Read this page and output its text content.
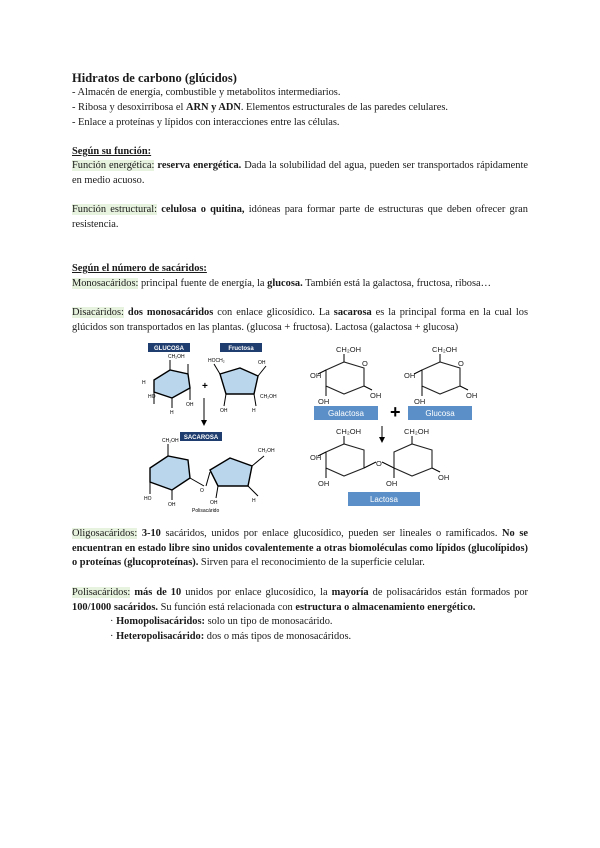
Hidratos de carbono (glúcidos)

- Almacén de energía, combustible y metabolitos intermediarios.

- Ribosa y desoxirribosa el ARN y ADN. Elementos estructurales de las paredes celulares.

- Enlace a proteínas y lípidos con interacciones entre las células.

Según su función:

Función energética: reserva energética. Dada la solubilidad del agua, pueden ser transportados rápidamente en medio acuoso.

Función estructural: celulosa o quitina, idóneas para formar parte de estructuras que deben ofrecer gran resistencia.

Según el número de sacáridos:

Monosacáridos: principal fuente de energía, la glucosa. También está la galactosa, fructosa, ribosa…

Disacáridos: dos monosacáridos con enlace glicosídico. La sacarosa es la principal forma en la cual los glúcidos son transportados en las plantas. (glucosa + fructosa). Lactosa (galactosa + glucosa)

GLUCOSA	Fructosa
HO
H
OH
H
CH₂OH
+
HOCH₂	OH
OH	H
CH₂OH
SACAROSA
CH₂OH
HO
OH
O
CH₂OH
H
OH
Polisacárido
CH₂OH
O
OH
OH
OH
CH₂OH
O
OH
OH
OH
Galactosa +	Glucosa
CH₂OH
OH
OH
O
CH₂OH
OH
OH
Lactosa

Oligosacáridos: 3-10 sacáridos, unidos por enlace glucosídico, pueden ser lineales o ramificados. No se encuentran en estado libre sino unidos covalentemente a otras biomoléculas como lípidos (glucolípidos) o proteínas (glucoproteínas). Sirven para el reconocimiento de la superficie celular.

Polisacáridos: más de 10 unidos por enlace glucosídico, la mayoría de polisacáridos están formados por 100/1000 sacáridos. Su función está relacionada con estructura o almacenamiento energético.

· Homopolisacáridos: solo un tipo de monosacárido.

· Heteropolisacárido: dos o más tipos de monosacáridos.
